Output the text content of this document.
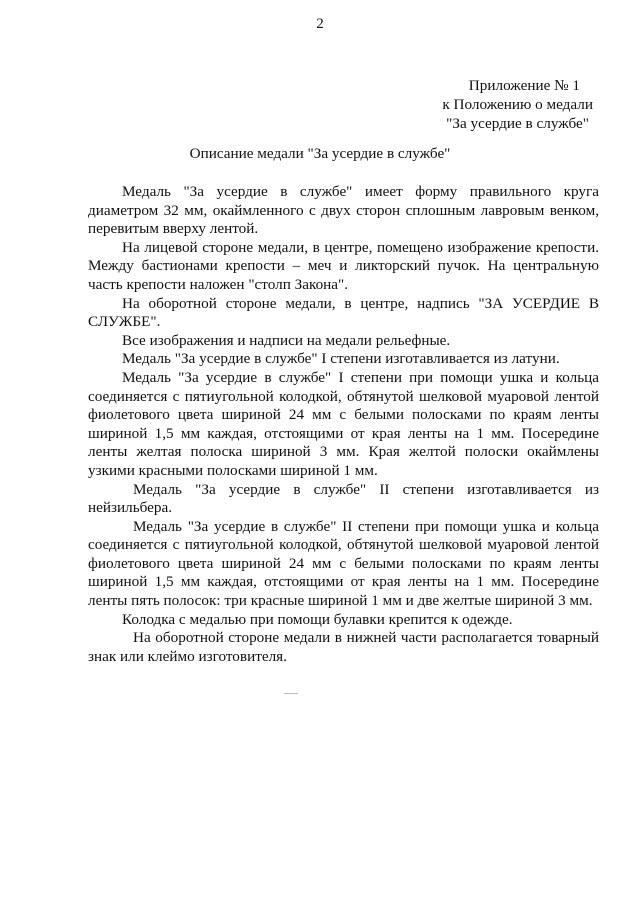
2
Приложение № 1
к Положению о медали
"За усердие в службе"
Описание медали "За усердие в службе"

Медаль "За усердие в службе" имеет форму правильного круга диаметром 32 мм, окаймленного с двух сторон сплошным лавровым венком, перевитым вверху лентой.

На лицевой стороне медали, в центре, помещено изображение крепости. Между бастионами крепости – меч и ликторский пучок. На центральную часть крепости наложен "столп Закона".

На оборотной стороне медали, в центре, надпись "ЗА УСЕРДИЕ В СЛУЖБЕ".

Все изображения и надписи на медали рельефные.

Медаль "За усердие в службе" I степени изготавливается из латуни.

Медаль "За усердие в службе" I степени при помощи ушка и кольца соединяется с пятиугольной колодкой, обтянутой шелковой муаровой лентой фиолетового цвета шириной 24 мм с белыми полосками по краям ленты шириной 1,5 мм каждая, отстоящими от края ленты на 1 мм. Посередине ленты желтая полоска шириной 3 мм. Края желтой полоски окаймлены узкими красными полосками шириной 1 мм.

Медаль "За усердие в службе" II степени изготавливается из нейзильбера.

Медаль "За усердие в службе" II степени при помощи ушка и кольца соединяется с пятиугольной колодкой, обтянутой шелковой муаровой лентой фиолетового цвета шириной 24 мм с белыми полосками по краям ленты шириной 1,5 мм каждая, отстоящими от края ленты на 1 мм. Посередине ленты пять полосок: три красные шириной 1 мм и две желтые шириной 3 мм.

Колодка с медалью при помощи булавки крепится к одежде.

На оборотной стороне медали в нижней части располагается товарный знак или клеймо изготовителя.
